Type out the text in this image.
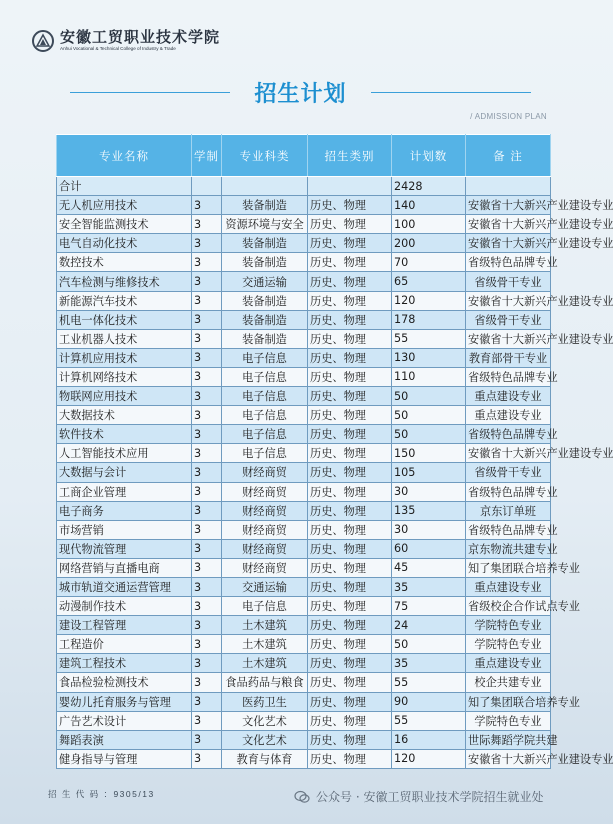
安徽工贸职业技术学院
Anhui Vocational & Technical College of Industry & Trade
招生计划
/ ADMISSION PLAN
专业名称	学制	专业科类	招生类别	计划数	备 注
合计				2428	
无人机应用技术	3	装备制造	历史、物理	140	安徽省十大新兴产业建设专业
安全智能监测技术	3	资源环境与安全	历史、物理	100	安徽省十大新兴产业建设专业
电气自动化技术	3	装备制造	历史、物理	200	安徽省十大新兴产业建设专业
数控技术	3	装备制造	历史、物理	70	省级特色品牌专业
汽车检测与维修技术	3	交通运输	历史、物理	65	省级骨干专业
新能源汽车技术	3	装备制造	历史、物理	120	安徽省十大新兴产业建设专业
机电一体化技术	3	装备制造	历史、物理	178	省级骨干专业
工业机器人技术	3	装备制造	历史、物理	55	安徽省十大新兴产业建设专业
计算机应用技术	3	电子信息	历史、物理	130	教育部骨干专业
计算机网络技术	3	电子信息	历史、物理	110	省级特色品牌专业
物联网应用技术	3	电子信息	历史、物理	50	重点建设专业
大数据技术	3	电子信息	历史、物理	50	重点建设专业
软件技术	3	电子信息	历史、物理	50	省级特色品牌专业
人工智能技术应用	3	电子信息	历史、物理	150	安徽省十大新兴产业建设专业
大数据与会计	3	财经商贸	历史、物理	105	省级骨干专业
工商企业管理	3	财经商贸	历史、物理	30	省级特色品牌专业
电子商务	3	财经商贸	历史、物理	135	京东订单班
市场营销	3	财经商贸	历史、物理	30	省级特色品牌专业
现代物流管理	3	财经商贸	历史、物理	60	京东物流共建专业
网络营销与直播电商	3	财经商贸	历史、物理	45	知了集团联合培养专业
城市轨道交通运营管理	3	交通运输	历史、物理	35	重点建设专业
动漫制作技术	3	电子信息	历史、物理	75	省级校企合作试点专业
建设工程管理	3	土木建筑	历史、物理	24	学院特色专业
工程造价	3	土木建筑	历史、物理	50	学院特色专业
建筑工程技术	3	土木建筑	历史、物理	35	重点建设专业
食品检验检测技术	3	食品药品与粮食	历史、物理	55	校企共建专业
婴幼儿托育服务与管理	3	医药卫生	历史、物理	90	知了集团联合培养专业
广告艺术设计	3	文化艺术	历史、物理	55	学院特色专业
舞蹈表演	3	文化艺术	历史、物理	16	世际舞蹈学院共建
健身指导与管理	3	教育与体育	历史、物理	120	安徽省十大新兴产业建设专业
招 生 代 码 ：9305/13	公众号 · 安徽工贸职业技术学院招生就业处
